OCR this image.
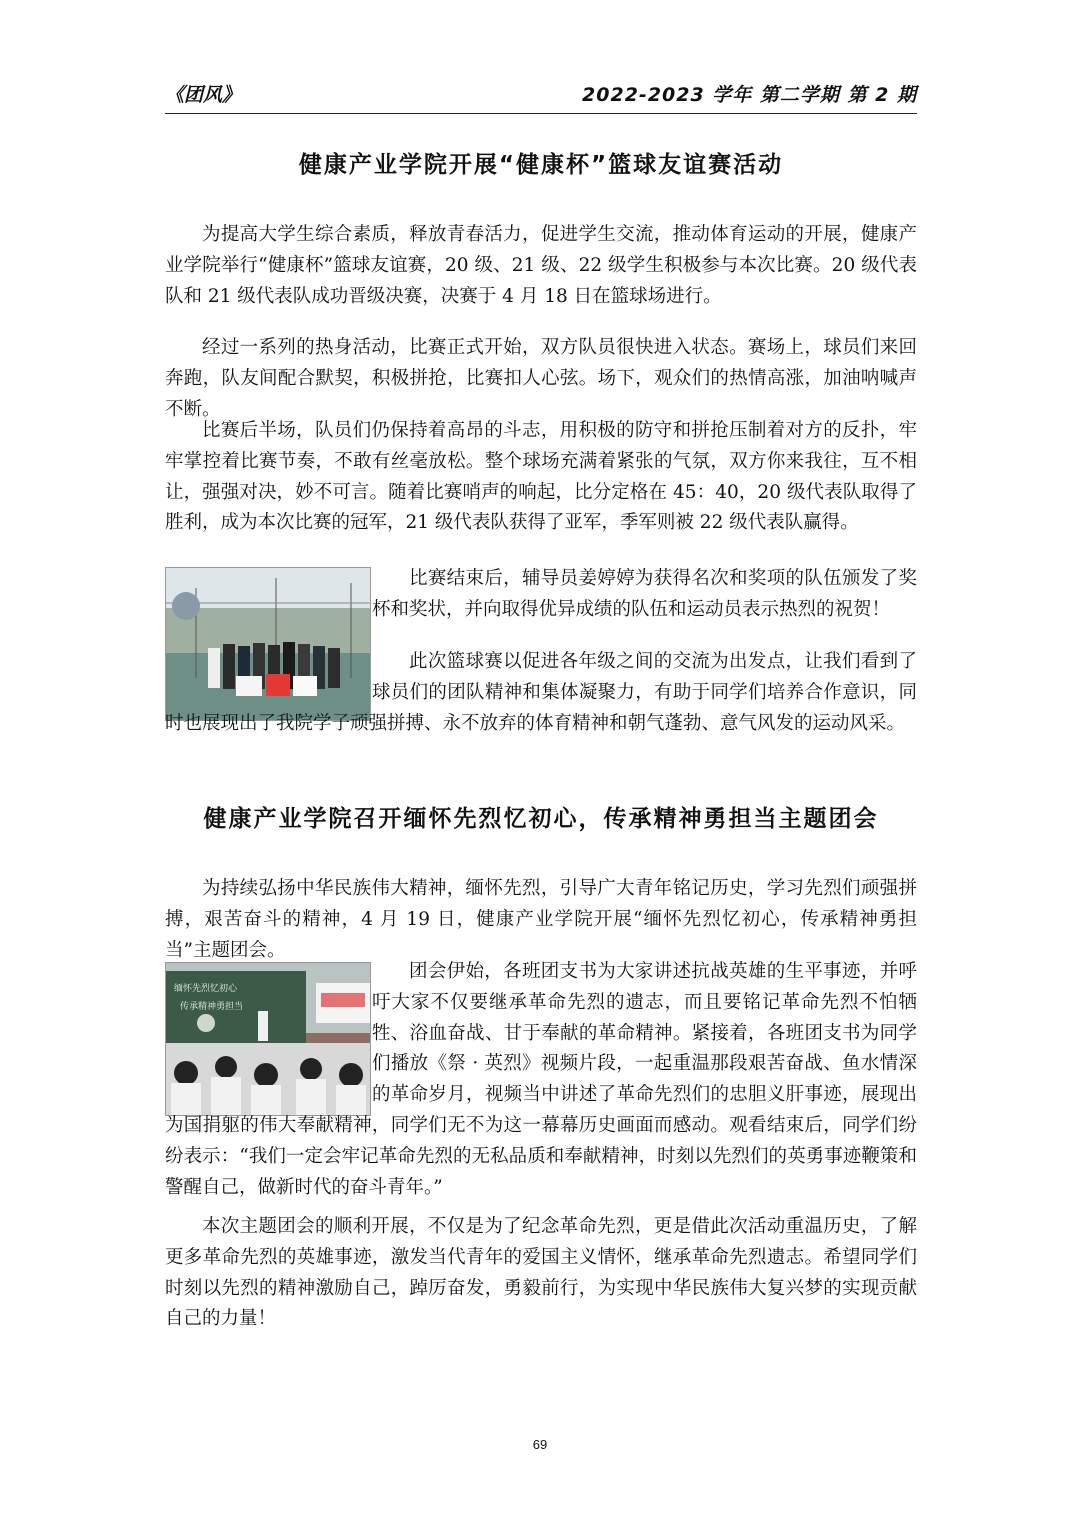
《团风》	2022-2023 学年 第二学期 第 2 期
健康产业学院开展“健康杯”篮球友谊赛活动

为提高大学生综合素质，释放青春活力，促进学生交流，推动体育运动的开展，健康产业学院举行“健康杯”篮球友谊赛，20 级、21 级、22 级学生积极参与本次比赛。20 级代表队和 21 级代表队成功晋级决赛，决赛于 4 月 18 日在篮球场进行。

经过一系列的热身活动，比赛正式开始，双方队员很快进入状态。赛场上，球员们来回奔跑，队友间配合默契，积极拼抢，比赛扣人心弦。场下，观众们的热情高涨，加油呐喊声不断。

比赛后半场，队员们仍保持着高昂的斗志，用积极的防守和拼抢压制着对方的反扑，牢牢掌控着比赛节奏，不敢有丝毫放松。整个球场充满着紧张的气氛，双方你来我往，互不相让，强强对决，妙不可言。随着比赛哨声的响起，比分定格在 45：40，20 级代表队取得了胜利，成为本次比赛的冠军，21 级代表队获得了亚军，季军则被 22 级代表队赢得。

比赛结束后，辅导员姜婷婷为获得名次和奖项的队伍颁发了奖杯和奖状，并向取得优异成绩的队伍和运动员表示热烈的祝贺！

此次篮球赛以促进各年级之间的交流为出发点，让我们看到了球员们的团队精神和集体凝聚力，有助于同学们培养合作意识，同时也展现出了我院学子顽强拼搏、永不放弃的体育精神和朝气蓬勃、意气风发的运动风采。

健康产业学院召开缅怀先烈忆初心，传承精神勇担当主题团会

为持续弘扬中华民族伟大精神，缅怀先烈，引导广大青年铭记历史，学习先烈们顽强拼搏，艰苦奋斗的精神，4 月 19 日，健康产业学院开展“缅怀先烈忆初心，传承精神勇担当”主题团会。

缅怀先烈忆初心
传承精神勇担当

团会伊始，各班团支书为大家讲述抗战英雄的生平事迹，并呼吁大家不仅要继承革命先烈的遗志，而且要铭记革命先烈不怕牺牲、浴血奋战、甘于奉献的革命精神。紧接着，各班团支书为同学们播放《祭 · 英烈》视频片段，一起重温那段艰苦奋战、鱼水情深的革命岁月，视频当中讲述了革命先烈们的忠胆义肝事迹，展现出为国捐躯的伟大奉献精神，同学们无不为这一幕幕历史画面而感动。观看结束后，同学们纷纷表示：“我们一定会牢记革命先烈的无私品质和奉献精神，时刻以先烈们的英勇事迹鞭策和警醒自己，做新时代的奋斗青年。”

本次主题团会的顺利开展，不仅是为了纪念革命先烈，更是借此次活动重温历史，了解更多革命先烈的英雄事迹，激发当代青年的爱国主义情怀，继承革命先烈遗志。希望同学们时刻以先烈的精神激励自己，踔厉奋发，勇毅前行，为实现中华民族伟大复兴梦的实现贡献自己的力量！

69
